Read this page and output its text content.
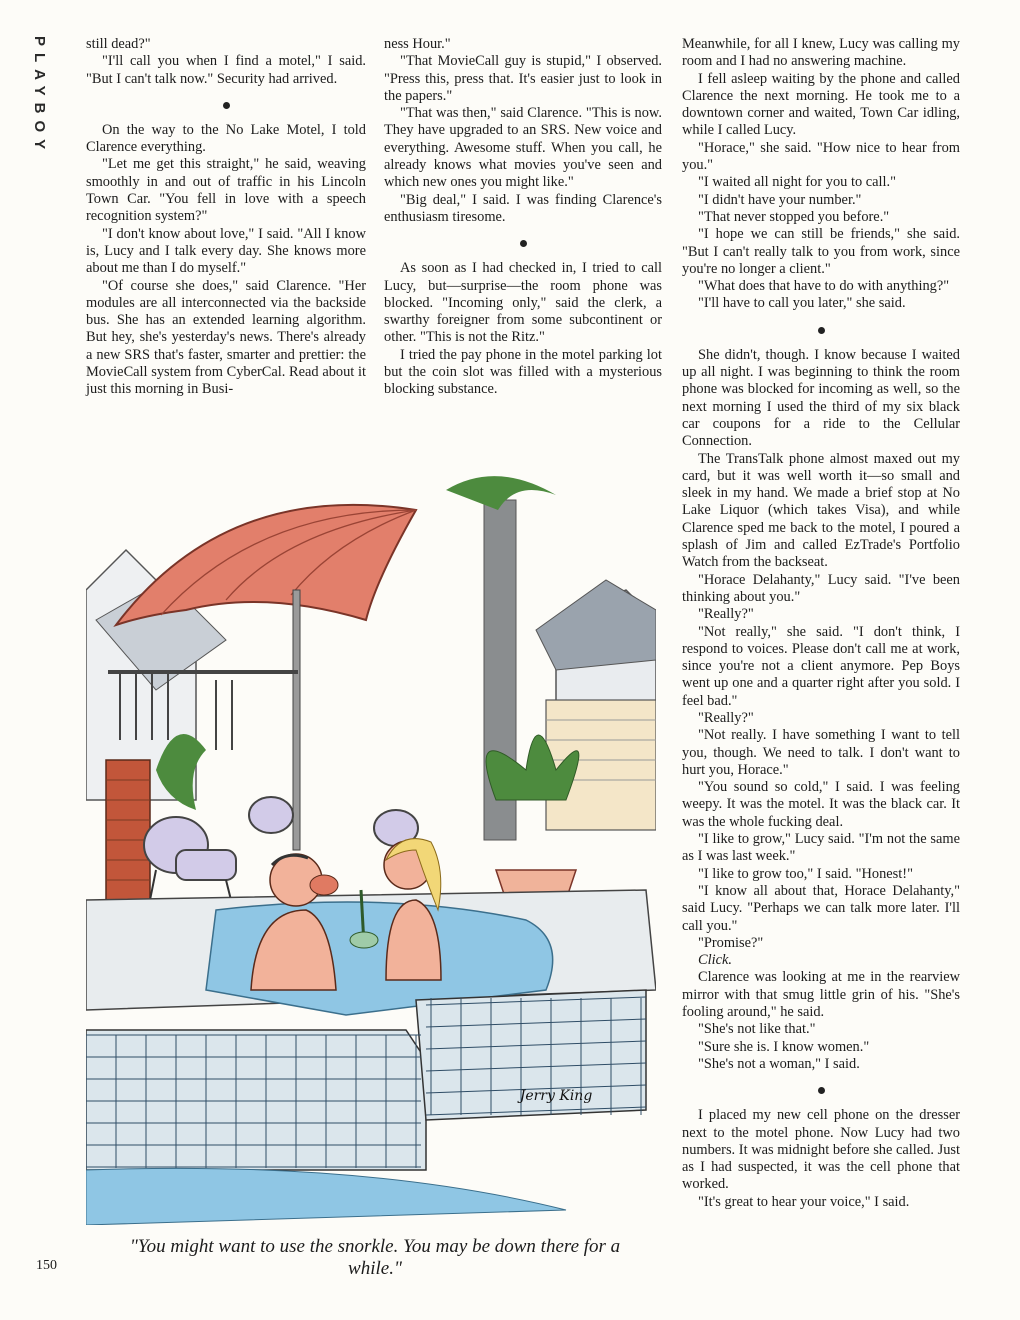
PLAYBOY	still dead?"

"I'll call you when I find a motel," I said. "But I can't talk now." Security had arrived.

On the way to the No Lake Motel, I told Clarence everything.

"Let me get this straight," he said, weaving smoothly in and out of traffic in his Lincoln Town Car. "You fell in love with a speech recognition system?"

"I don't know about love," I said. "All I know is, Lucy and I talk every day. She knows more about me than I do myself."

"Of course she does," said Clarence. "Her modules are all interconnected via the backside bus. She has an extended learning algorithm. But hey, she's yesterday's news. There's already a new SRS that's faster, smarter and prettier: the MovieCall system from CyberCal. Read about it just this morning in Busi-

ness Hour."

"That MovieCall guy is stupid," I observed. "Press this, press that. It's easier just to look in the papers."

"That was then," said Clarence. "This is now. They have upgraded to an SRS. New voice and everything. Awesome stuff. When you call, he already knows what movies you've seen and which new ones you might like."

"Big deal," I said. I was finding Clarence's enthusiasm tiresome.

As soon as I had checked in, I tried to call Lucy, but—surprise—the room phone was blocked. "Incoming only," said the clerk, a swarthy foreigner from some subcontinent or other. "This is not the Ritz."

I tried the pay phone in the motel parking lot but the coin slot was filled with a mysterious blocking substance.

Meanwhile, for all I knew, Lucy was calling my room and I had no answering machine.

I fell asleep waiting by the phone and called Clarence the next morning. He took me to a downtown corner and waited, Town Car idling, while I called Lucy.

"Horace," she said. "How nice to hear from you."

"I waited all night for you to call."

"I didn't have your number."

"That never stopped you before."

"I hope we can still be friends," she said. "But I can't really talk to you from work, since you're no longer a client."

"What does that have to do with anything?"

"I'll have to call you later," she said.

She didn't, though. I know because I waited up all night. I was beginning to think the room phone was blocked for incoming as well, so the next morning I used the third of my six black car coupons for a ride to the Cellular Connection.

The TransTalk phone almost maxed out my card, but it was well worth it—so small and sleek in my hand. We made a brief stop at No Lake Liquor (which takes Visa), and while Clarence sped me back to the motel, I poured a splash of Jim and called EzTrade's Portfolio Watch from the backseat.

"Horace Delahanty," Lucy said. "I've been thinking about you."

"Really?"

"Not really," she said. "I don't think, I respond to voices. Please don't call me at work, since you're not a client anymore. Pep Boys went up one and a quarter right after you sold. I feel bad."

"Really?"

"Not really. I have something I want to tell you, though. We need to talk. I don't want to hurt you, Horace."

"You sound so cold," I said. I was feeling weepy. It was the motel. It was the black car. It was the whole fucking deal.

"I like to grow," Lucy said. "I'm not the same as I was last week."

"I like to grow too," I said. "Honest!"

"I know all about that, Horace Delahanty," said Lucy. "Perhaps we can talk more later. I'll call you."

"Promise?"

Click.

Clarence was looking at me in the rearview mirror with that smug little grin of his. "She's fooling around," he said.

"She's not like that."

"Sure she is. I know women."

"She's not a woman," I said.

I placed my new cell phone on the dresser next to the motel phone. Now Lucy had two numbers. It was midnight before she called. Just as I had suspected, it was the cell phone that worked.

"It's great to hear your voice," I said.

Jerry King
"You might want to use the snorkle. You may be down there for a while."
150
